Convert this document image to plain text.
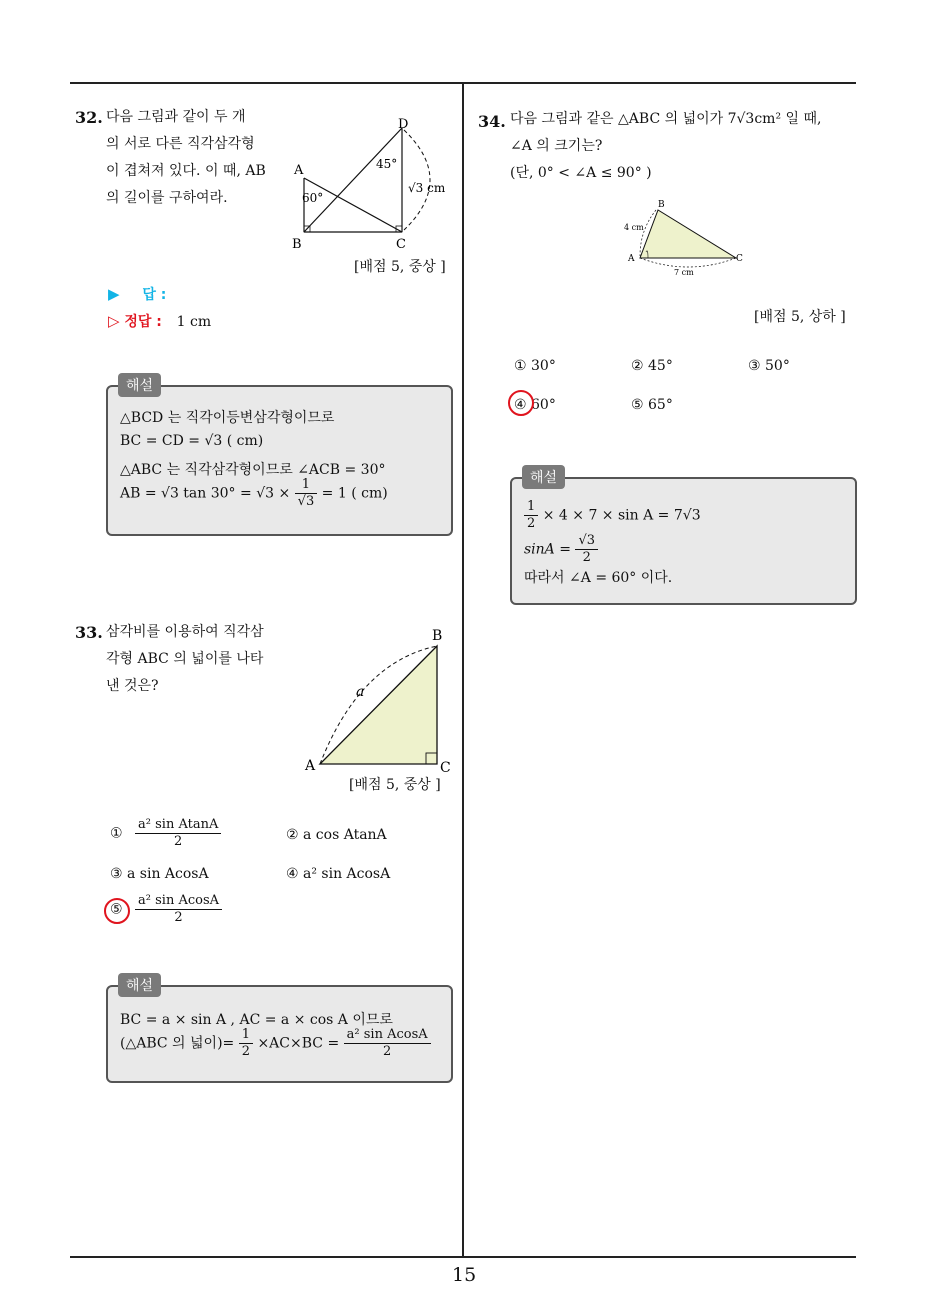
15
32. 다음 그림과 같이 두 개
의 서로 다른 직각삼각형
이 겹쳐져 있다. 이 때, AB
의 길이를 구하여라.
D
A
B	C
60°
45°
√3 cm
[배점 5, 중상 ]
▶ 답 :
▷ 정답 : 1 cm
△BCD 는 직각이등변삼각형이므로
BC = CD = √3 ( cm)
△ABC 는 직각삼각형이므로 ∠ACB = 30°
AB = √3 $\tan 30^\circ = √3 \times \frac{1}{√3} = 1$ ( cm)
해설
33. 삼각비를 이용하여 직각삼
각형 ABC 의 넓이를 나타
낸 것은?
B
A	C
a
[배점 5, 중상 ]
① $\frac{\text{a² sin AtanA}}{2}$	② a cos AtanA
③ a sin AcosA	④ a² sin AcosA
⑤ $\frac{\text{a² sin AcosA}}{2}$
BC = a × sin A , AC = a × cos A 이므로
(△ABC 의 넓이)= $\frac{1}{2} \times AC\times BC = \frac{\text{a² sin AcosA}}{2}$
해설
34. 다음 그림과 같은 △ABC 의 넓이가 7√3cm² 일 때,
∠A 의 크기는?
(단, 0° < ∠A ≤ 90° )
B
A	C
4 cm
7 cm
[배점 5, 상하 ]
① 30°	② 45°	③ 50°
④ 60°	⑤ 65°
$\frac{1}{2} \times 4 \times 7 \times \sin A = 7√3$
$\sin A = \frac{√3}{2}$
따라서 ∠A = 60° 이다.
해설
